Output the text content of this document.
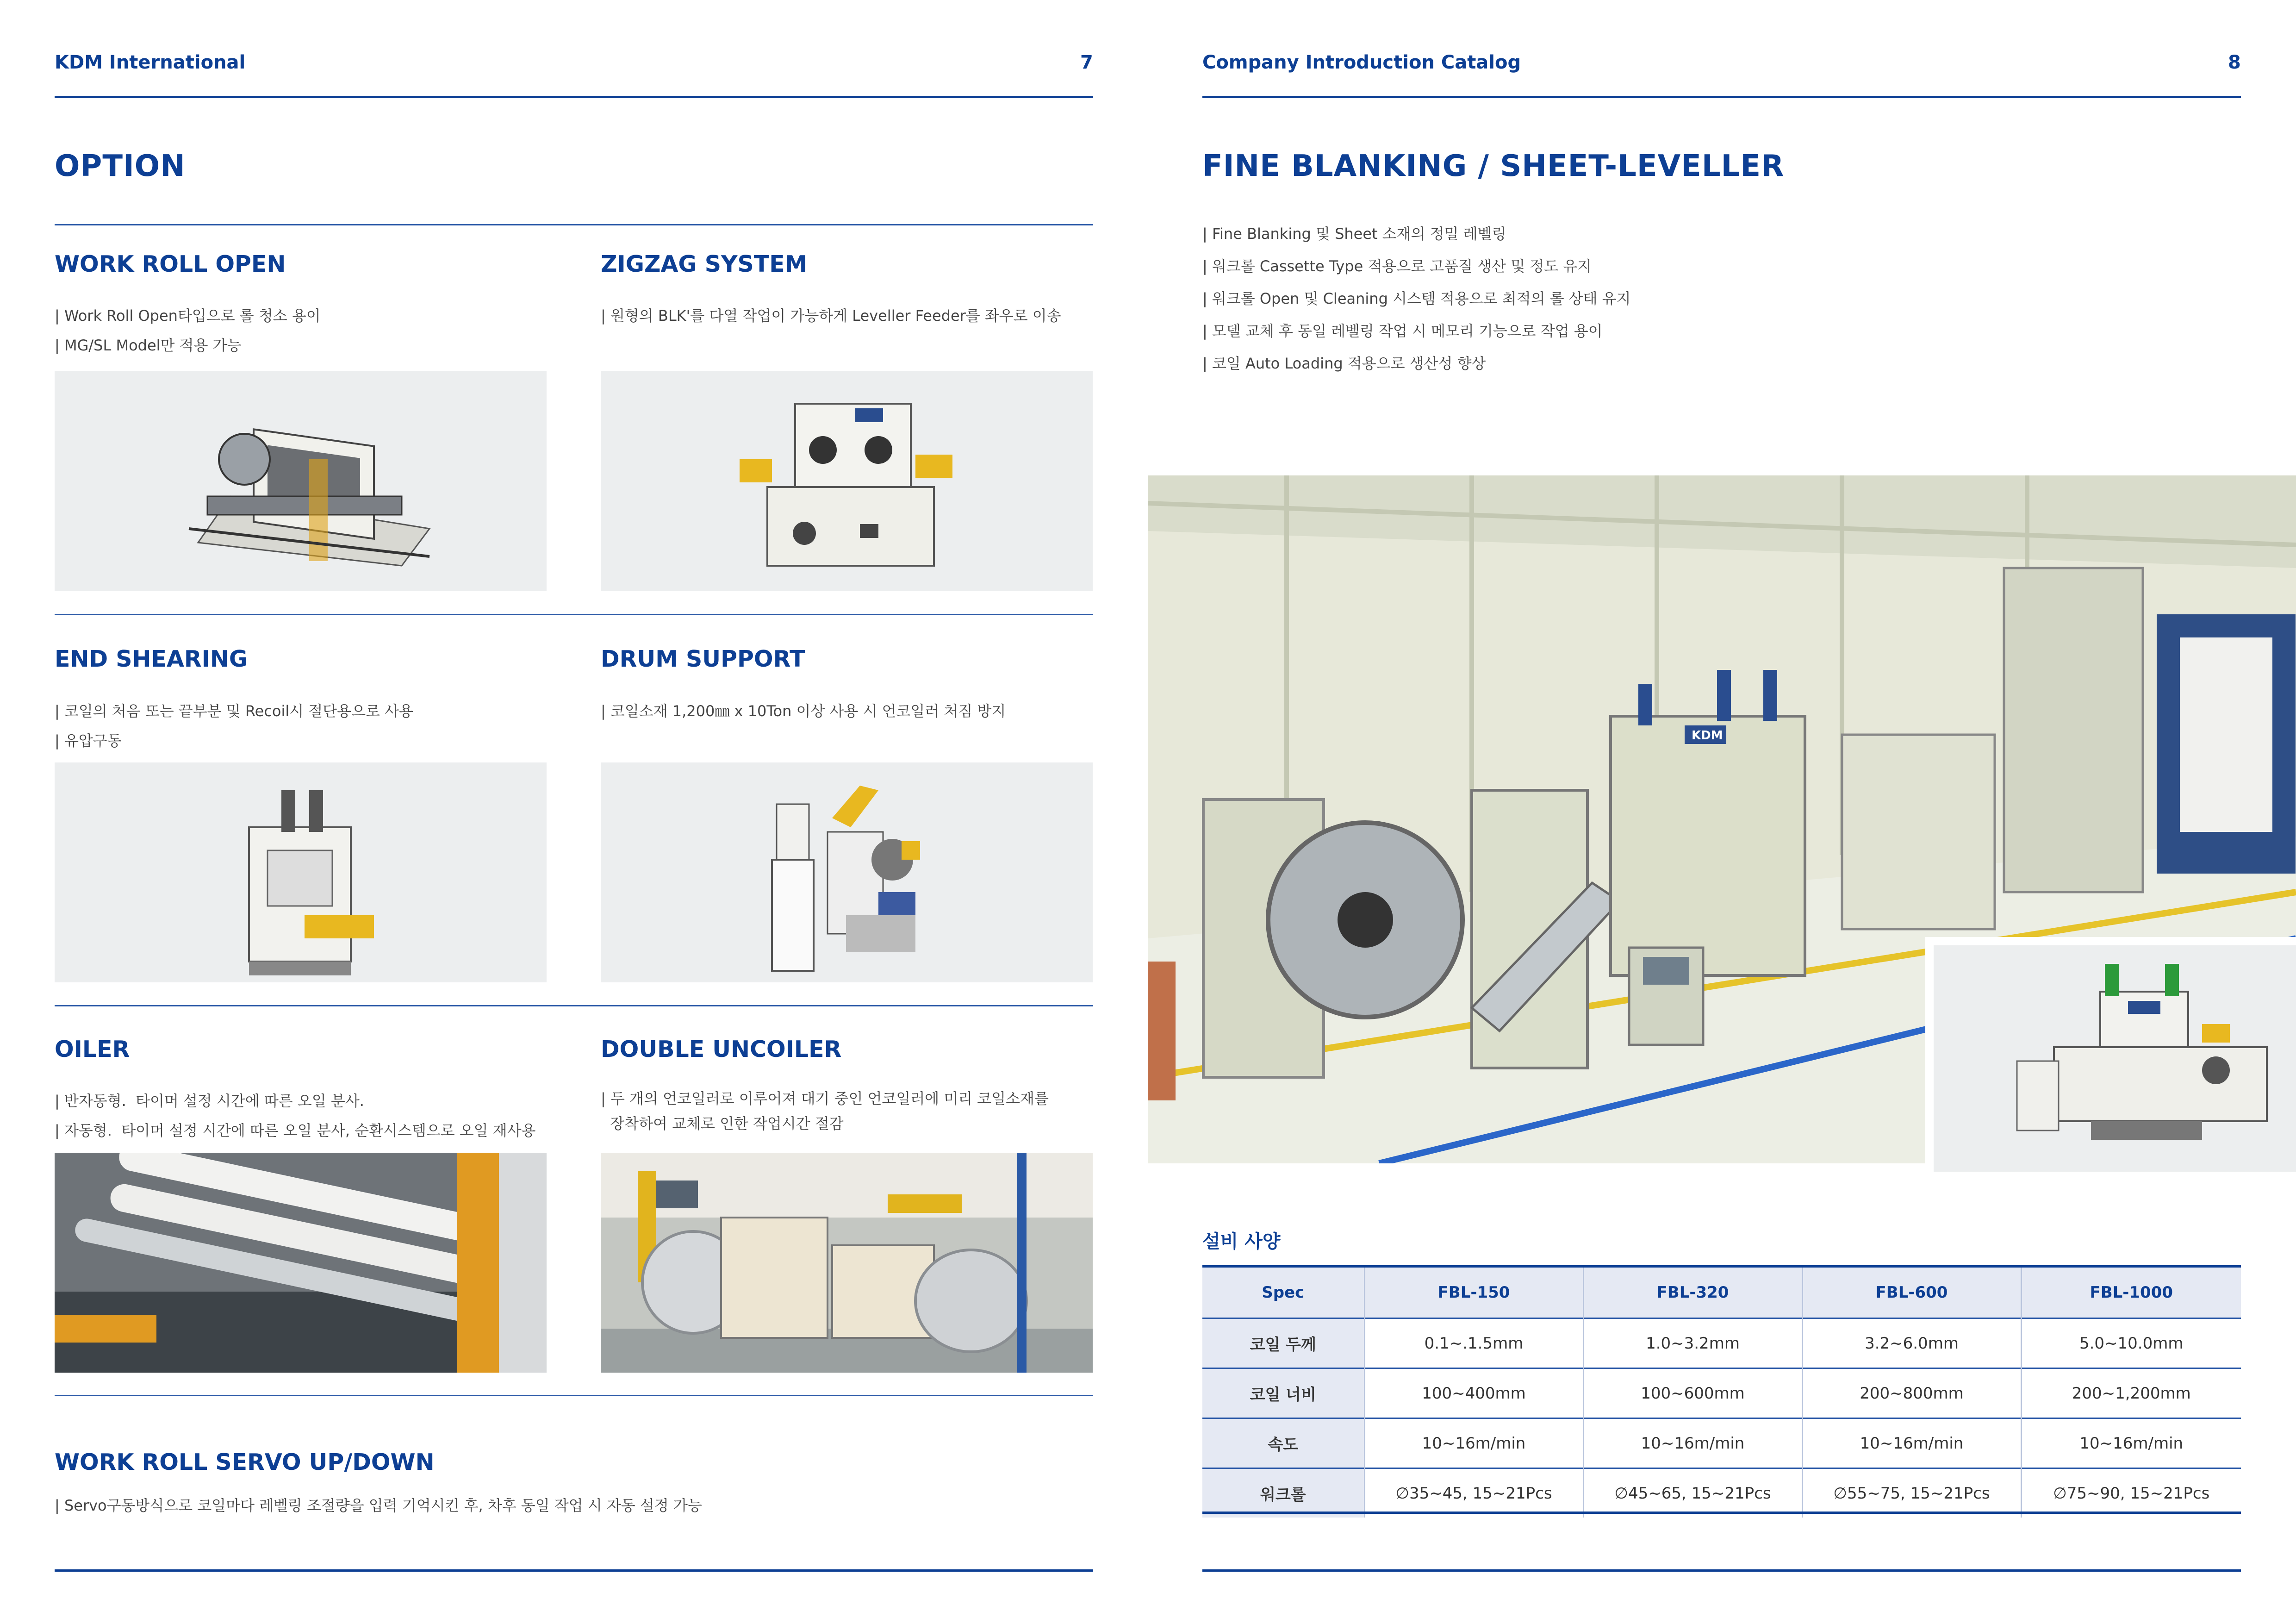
KDM International	7
OPTION
WORK ROLL OPEN
| Work Roll Open타입으로 롤 청소 용이
| MG/SL Model만 적용 가능
ZIGZAG SYSTEM
| 원형의 BLK'를 다열 작업이 가능하게 Leveller Feeder를 좌우로 이송
END SHEARING
| 코일의 처음 또는 끝부분 및 Recoil시 절단용으로 사용
| 유압구동
DRUM SUPPORT
| 코일소재 1,200㎜ x 10Ton 이상 사용 시 언코일러 처짐 방지
OILER
| 반자동형.  타이머 설정 시간에 따른 오일 분사.
| 자동형.  타이머 설정 시간에 따른 오일 분사, 순환시스템으로 오일 재사용
DOUBLE UNCOILER
| 두 개의 언코일러로 이루어져 대기 중인 언코일러에 미리 코일소재를
장착하여 교체로 인한 작업시간 절감
WORK ROLL SERVO UP/DOWN
| Servo구동방식으로 코일마다 레벨링 조절량을 입력 기억시킨 후, 차후 동일 작업 시 자동 설정 가능
Company Introduction Catalog	8
FINE BLANKING / SHEET-LEVELLER
| Fine Blanking 및 Sheet 소재의 정밀 레벨링
| 워크롤 Cassette Type 적용으로 고품질 생산 및 정도 유지
| 워크롤 Open 및 Cleaning 시스템 적용으로 최적의 롤 상태 유지
| 모델 교체 후 동일 레벨링 작업 시 메모리 기능으로 작업 용이
| 코일 Auto Loading 적용으로 생산성 향상
KDM
설비 사양
Spec	FBL-150	FBL-320	FBL-600	FBL-1000
코일 두께	0.1~.1.5mm	1.0~3.2mm	3.2~6.0mm	5.0~10.0mm
코일 너비	100~400mm	100~600mm	200~800mm	200~1,200mm
속도	10~16m/min	10~16m/min	10~16m/min	10~16m/min
워크롤	∅35~45, 15~21Pcs	∅45~65, 15~21Pcs	∅55~75, 15~21Pcs	∅75~90, 15~21Pcs
